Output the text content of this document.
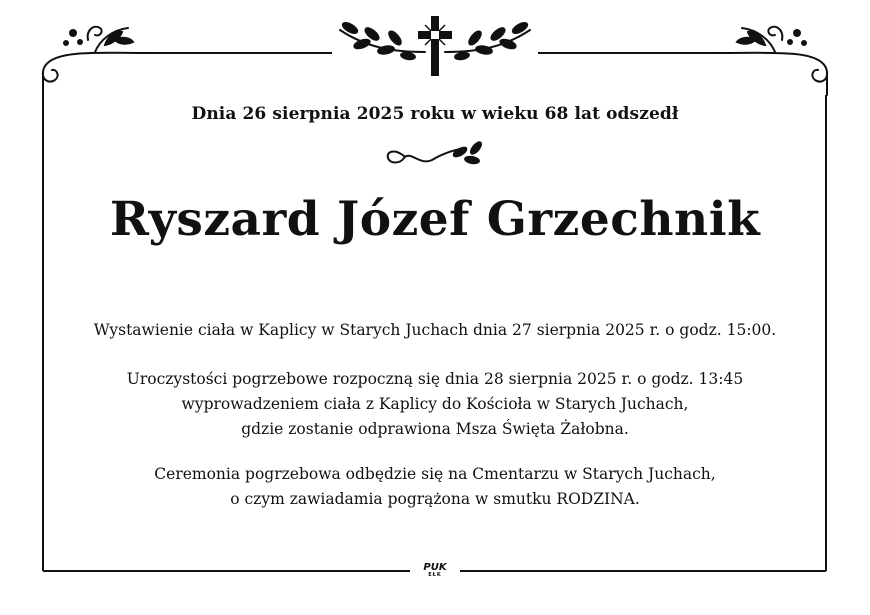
Dnia 26 sierpnia 2025 roku w wieku 68 lat odszedł
Ryszard Józef Grzechnik
Wystawienie ciała w Kaplicy w Starych Juchach dnia 27 sierpnia 2025 r. o godz. 15:00.
Uroczystości pogrzebowe rozpoczną się dnia 28 sierpnia 2025 r. o godz. 13:45
wyprowadzeniem ciała z Kaplicy do Kościoła w Starych Juchach,
gdzie zostanie odprawiona Msza Święta Żałobna.
Ceremonia pogrzebowa odbędzie się na Cmentarzu w Starych Juchach,
o czym zawiadamia pogrążona w smutku RODZINA.
PUK
EŁK
